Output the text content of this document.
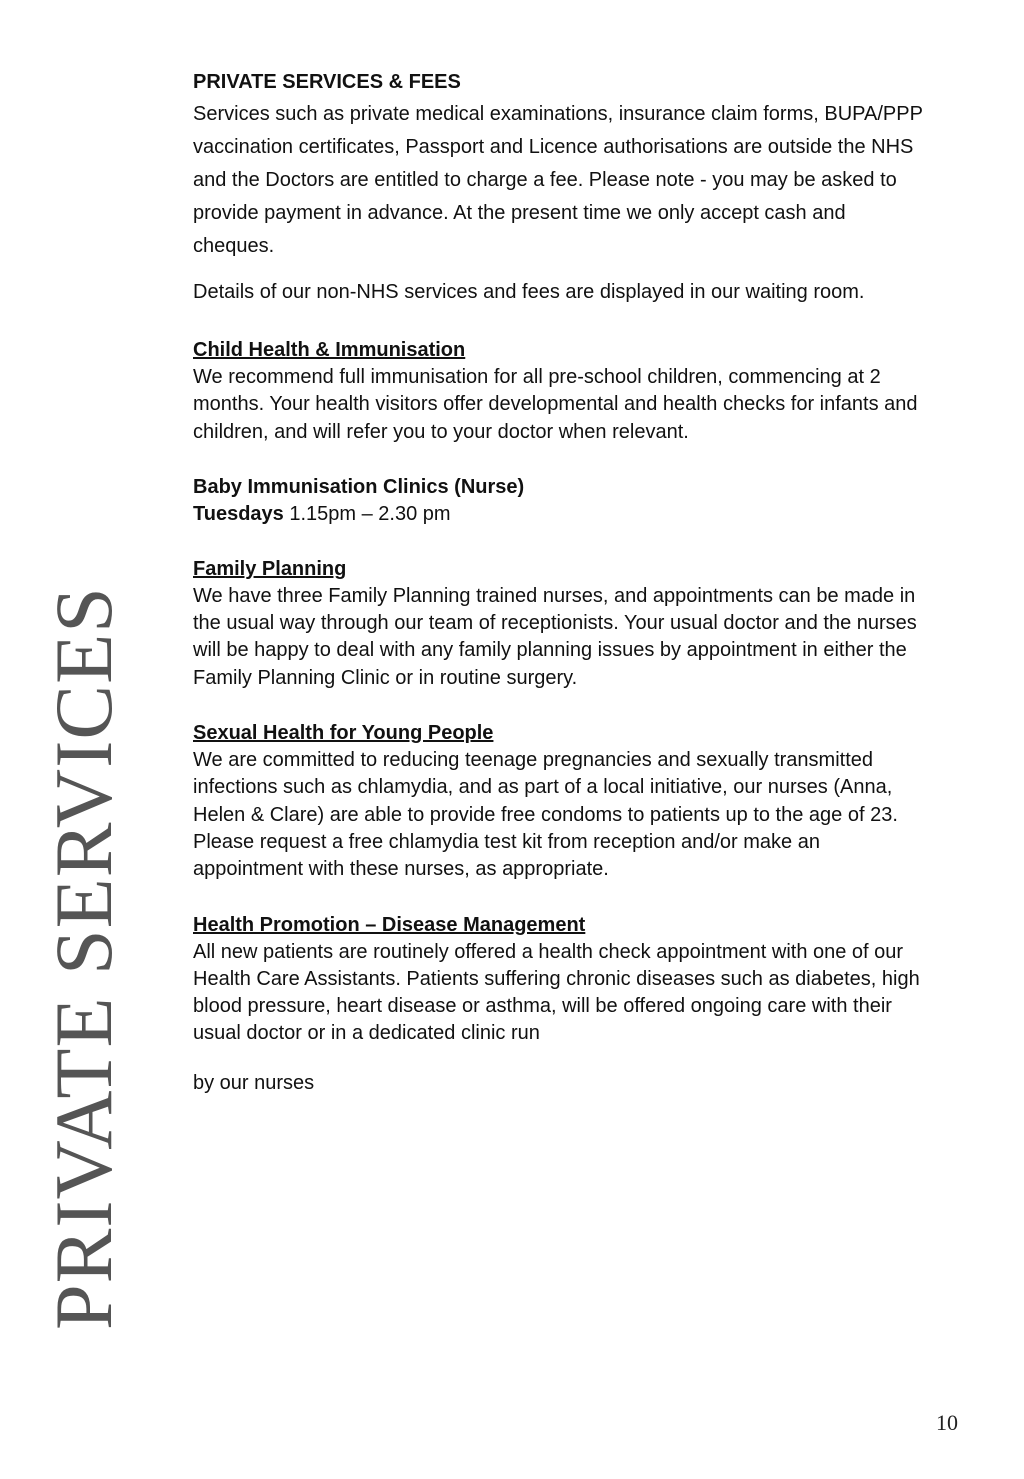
PRIVATE SERVICES

PRIVATE SERVICES & FEES

Services such as private medical examinations, insurance claim forms, BUPA/PPP vaccination certificates, Passport and Licence authorisations are outside the NHS and the Doctors are entitled to charge a fee. Please note - you may be asked to provide payment in advance. At the present time we only accept cash and cheques.

Details of our non-NHS services and fees are displayed in our waiting room.

Child Health & Immunisation

We recommend full immunisation for all pre-school children, commencing at 2 months. Your health visitors offer developmental and health checks for infants and children, and will refer you to your doctor when relevant.

Baby Immunisation Clinics (Nurse)

Tuesdays 1.15pm – 2.30 pm

Family Planning

We have three Family Planning trained nurses, and appointments can be made in the usual way through our team of receptionists. Your usual doctor and the nurses will be happy to deal with any family planning issues by appointment in either the Family Planning Clinic or in routine surgery.

Sexual Health for Young People

We are committed to reducing teenage pregnancies and sexually transmitted infections such as chlamydia, and as part of a local initiative, our nurses (Anna, Helen & Clare) are able to provide free condoms to patients up to the age of 23. Please request a free chlamydia test kit from reception and/or make an appointment with these nurses, as appropriate.

Health Promotion – Disease Management

All new patients are routinely offered a health check appointment with one of our Health Care Assistants. Patients suffering chronic diseases such as diabetes, high blood pressure, heart disease or asthma, will be offered ongoing care with their usual doctor or in a dedicated clinic run

by our nurses

10
